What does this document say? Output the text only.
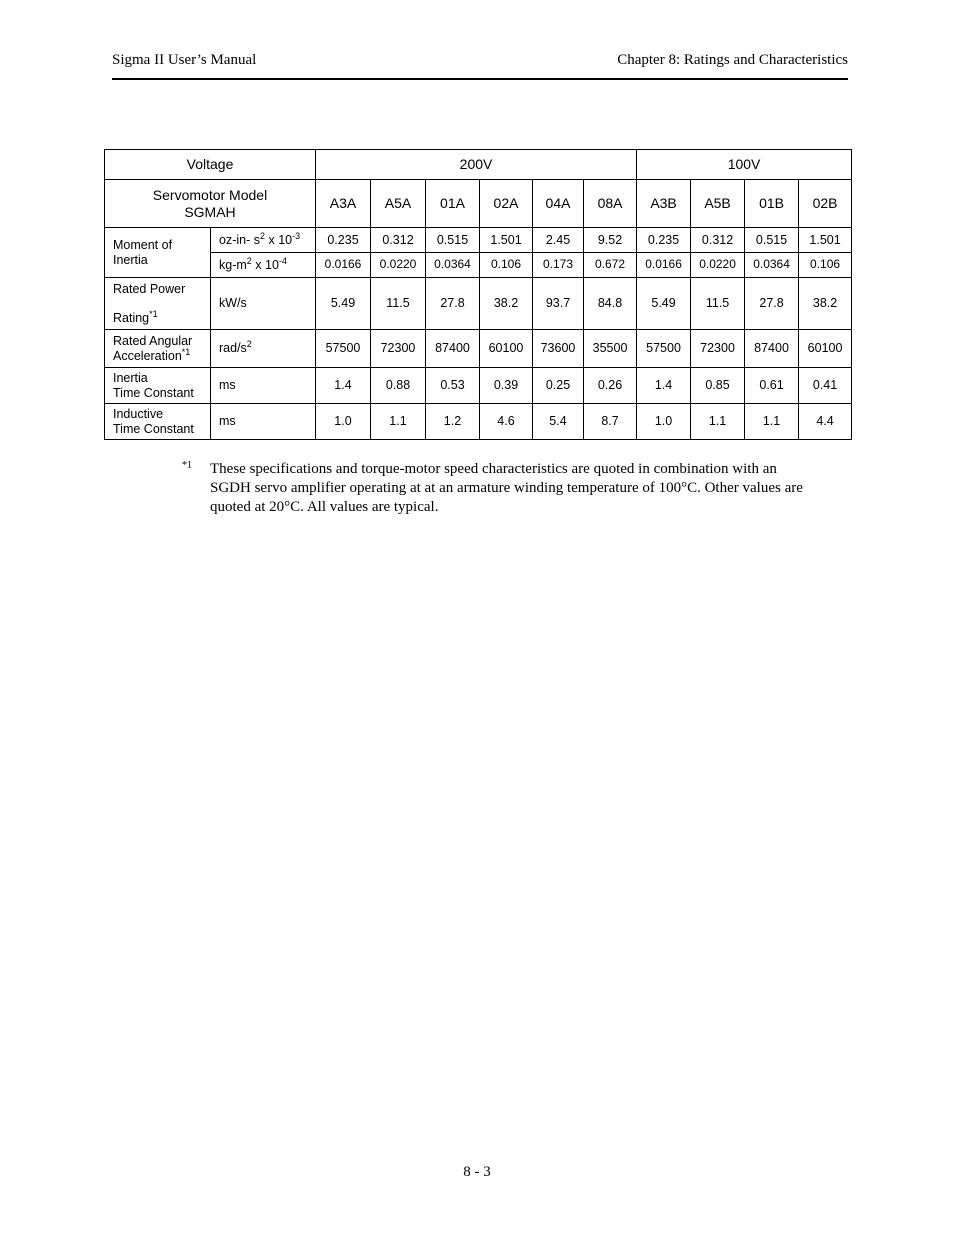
Sigma II User’s Manual	Chapter 8: Ratings and Characteristics
Voltage		200V						100V			
Servomotor Model
SGMAH		A3A	A5A	01A	02A	04A	08A	A3B	A5B	01B	02B
Moment of
Inertia	oz-in- $s^2$ x $10^{-3}$	0.235	0.312	0.515	1.501	2.45	9.52	0.235	0.312	0.515	1.501
	$kg-m^2$ x $10^{-4}$	0.0166	0.0220	0.0364	0.106	0.173	0.672	0.0166	0.0220	0.0364	0.106
Rated Power

Rating$^{*1}$	kW/s	5.49	11.5	27.8	38.2	93.7	84.8	5.49	11.5	27.8	38.2
Rated Angular
Acceleration$^{*1}$	rad/$s^2$	57500	72300	87400	60100	73600	35500	57500	72300	87400	60100
Inertia
Time Constant	ms	1.4	0.88	0.53	0.39	0.25	0.26	1.4	0.85	0.61	0.41
Inductive
Time Constant	ms	1.0	1.1	1.2	4.6	5.4	8.7	1.0	1.1	1.1	4.4
*1 These specifications and torque-motor speed characteristics are quoted in combination with an SGDH servo amplifier operating at at an armature winding temperature of 100°C. Other values are quoted at 20°C. All values are typical.
8 - 3
